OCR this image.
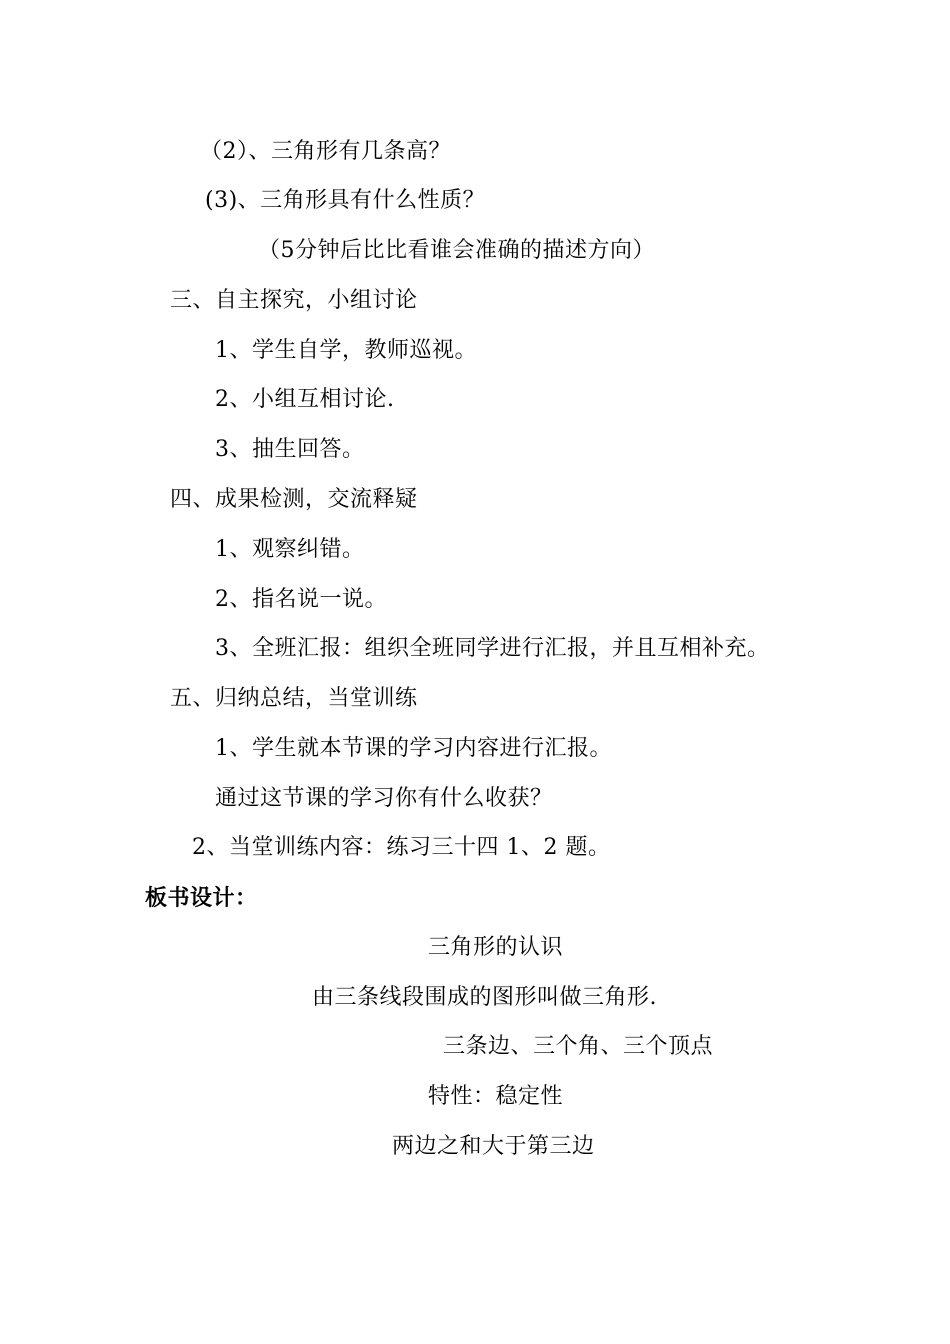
（2）、三角形有几条高？
(3)、三角形具有什么性质？
（5分钟后比比看谁会准确的描述方向）
三、自主探究，小组讨论
1、学生自学，教师巡视。
2、小组互相讨论.
3、抽生回答。
四、成果检测，交流释疑
1、观察纠错。
2、指名说一说。
3、全班汇报：组织全班同学进行汇报，并且互相补充。
五、归纳总结，当堂训练
1、学生就本节课的学习内容进行汇报。
通过这节课的学习你有什么收获？
2、当堂训练内容：练习三十四 1、2 题。
板书设计：
三角形的认识
由三条线段围成的图形叫做三角形.
三条边、三个角、三个顶点
特性：稳定性
两边之和大于第三边
